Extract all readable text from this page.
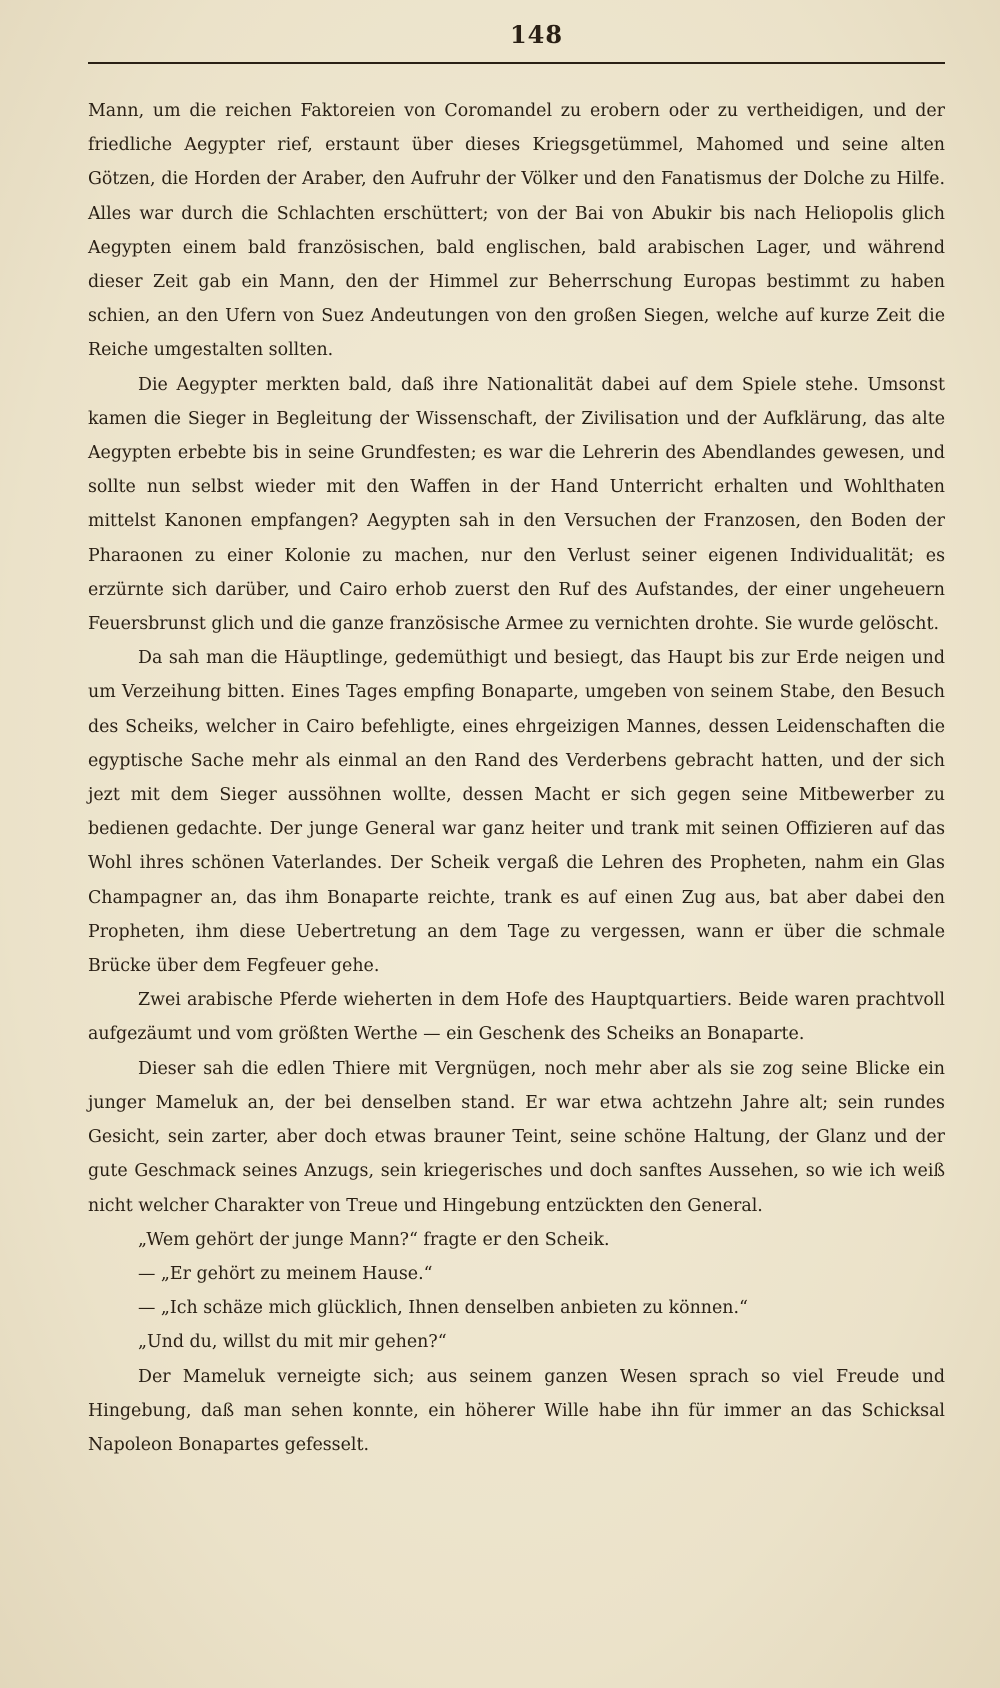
148

Mann, um die reichen Faktoreien von Coromandel zu erobern oder zu vertheidigen, und der friedliche Aegypter rief, erstaunt über dieses Kriegsgetümmel, Mahomed und seine alten Götzen, die Horden der Araber, den Aufruhr der Völker und den Fanatismus der Dolche zu Hilfe. Alles war durch die Schlachten erschüttert; von der Bai von Abukir bis nach Heliopolis glich Aegypten einem bald französischen, bald englischen, bald arabischen Lager, und während dieser Zeit gab ein Mann, den der Himmel zur Beherrschung Europas bestimmt zu haben schien, an den Ufern von Suez Andeutungen von den großen Siegen, welche auf kurze Zeit die Reiche umgestalten sollten.

Die Aegypter merkten bald, daß ihre Nationalität dabei auf dem Spiele stehe. Umsonst kamen die Sieger in Begleitung der Wissenschaft, der Zivilisation und der Aufklärung, das alte Aegypten erbebte bis in seine Grundfesten; es war die Lehrerin des Abendlandes gewesen, und sollte nun selbst wieder mit den Waffen in der Hand Unterricht erhalten und Wohlthaten mittelst Kanonen empfangen? Aegypten sah in den Versuchen der Franzosen, den Boden der Pharaonen zu einer Kolonie zu machen, nur den Verlust seiner eigenen Individualität; es erzürnte sich darüber, und Cairo erhob zuerst den Ruf des Aufstandes, der einer ungeheuern Feuersbrunst glich und die ganze französische Armee zu vernichten drohte. Sie wurde gelöscht.

Da sah man die Häuptlinge, gedemüthigt und besiegt, das Haupt bis zur Erde neigen und um Verzeihung bitten. Eines Tages empfing Bonaparte, umgeben von seinem Stabe, den Besuch des Scheiks, welcher in Cairo befehligte, eines ehrgeizigen Mannes, dessen Leidenschaften die egyptische Sache mehr als einmal an den Rand des Verderbens gebracht hatten, und der sich jezt mit dem Sieger aussöhnen wollte, dessen Macht er sich gegen seine Mitbewerber zu bedienen gedachte. Der junge General war ganz heiter und trank mit seinen Offizieren auf das Wohl ihres schönen Vaterlandes. Der Scheik vergaß die Lehren des Propheten, nahm ein Glas Champagner an, das ihm Bonaparte reichte, trank es auf einen Zug aus, bat aber dabei den Propheten, ihm diese Uebertretung an dem Tage zu vergessen, wann er über die schmale Brücke über dem Fegfeuer gehe.

Zwei arabische Pferde wieherten in dem Hofe des Hauptquartiers. Beide waren prachtvoll aufgezäumt und vom größten Werthe — ein Geschenk des Scheiks an Bonaparte.

Dieser sah die edlen Thiere mit Vergnügen, noch mehr aber als sie zog seine Blicke ein junger Mameluk an, der bei denselben stand. Er war etwa achtzehn Jahre alt; sein rundes Gesicht, sein zarter, aber doch etwas brauner Teint, seine schöne Haltung, der Glanz und der gute Geschmack seines Anzugs, sein kriegerisches und doch sanftes Aussehen, so wie ich weiß nicht welcher Charakter von Treue und Hingebung entzückten den General.

„Wem gehört der junge Mann?“ fragte er den Scheik.

— „Er gehört zu meinem Hause.“

— „Ich schäze mich glücklich, Ihnen denselben anbieten zu können.“

„Und du, willst du mit mir gehen?“

Der Mameluk verneigte sich; aus seinem ganzen Wesen sprach so viel Freude und Hingebung, daß man sehen konnte, ein höherer Wille habe ihn für immer an das Schicksal Napoleon Bonapartes gefesselt.
